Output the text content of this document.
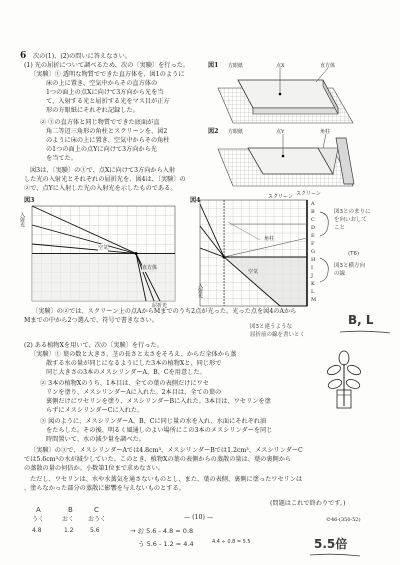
6 次の(1)、(2)の問いに答えなさい。
(1) 光の屈折について調べるため、次の〔実験〕を行った。
〔実験〕① 透明な物質でできた直方体を、図1のように
床の上に置き、空気中からその直方体の
1つの面上の点Xに向けて3方向から光を当
て、入射する光と屈折する光をマス目が正方
形の方眼紙にそれぞれ記録した。
② ①の直方体と同じ物質でできた底面が直
角二等辺三角形の角柱とスクリーンを、図2
のように床の上に置き、空気中からその角柱
の1つの面上の点Yに向けて3方向から光
を当てた。
図3は、〔実験〕の①で、点Xに向けて3方向から入射
した光の入射光とそれぞれの屈折光を、図4は、〔実験〕の
②で、点Yに入射した光の入射光を示したものである。
図1 方眼紙	点X	直方体
図2 方眼紙	点Y	角柱
スクリーン
図3
入射光
空気
直方体
屈折光
図4	スクリーン
角柱
空気
入射光
A
B
C
D
E
F
G
H
I
J
K
L
M
図3とのまりに
を向いおして
こと
(T6)
図3と横方向
の線
〔実験〕の②では、スクリーン上の点AからMまでのうち2点が光った。光った点を図4のAから
Mまでの中から2つ選んで、符号で書きなさい。	B, L
図3と違うような
屈折前の線を書いとく
(2) ある植物Xを用いて、次の〔実験〕を行った。
〔実験〕① 葉の数と大きさ、茎の長さと太さをそろえ、からだ全体から蒸
散する水の量が同じになるようにした3本の植物Xと、同じ形で
同じ大きさの3本のメスシリンダーA、B、Cを用意した。
② 3本の植物Xのうち、1本目は、全ての葉の表側だけにワセ
リンを塗り、メスシリンダーAに入れた。2本目は、全ての葉の
裏側だけにワセリンを塗り、メスシリンダーBに入れた。3本目は、ワセリンを塗
らずにメスシリンダーCに入れた。
③ 図のように、メスシリンダーA、B、Cに同じ量の水を入れ、水面にそれぞれ油
をたらした。その後、明るく風通しのよい場所にこの3本のメスシリンダーを同じ
時間置いて、水の減少量を調べた。
〔実験〕の③で、メスシリンダーAでは4.8cm³、メスシリンダーBでは1.2cm³、メスシリンダーC
では5.6cm³の水が減少していた。このとき、植物Xの葉の表側からの蒸散の量は、葉の裏側から
の蒸散の量の何倍か。小数第1位まで求めなさい。
ただし、ワセリンは、水や水蒸気を通さないものとし、また、葉の表側、裏側に塗ったワセリンは
、塗らなかった部分の蒸散に影響を与えないものとする。
(問題はこれで終わりです。)
— (10) —	©46-(350-52)
A	B	C
うく	おく おうく
4.8	1.2	5.6	→ お 5.6 - 4.8 = 0.8
う 5.6 - 1.2 = 4.4	4.4 ÷ 0.8 = 5.5	5.5倍
